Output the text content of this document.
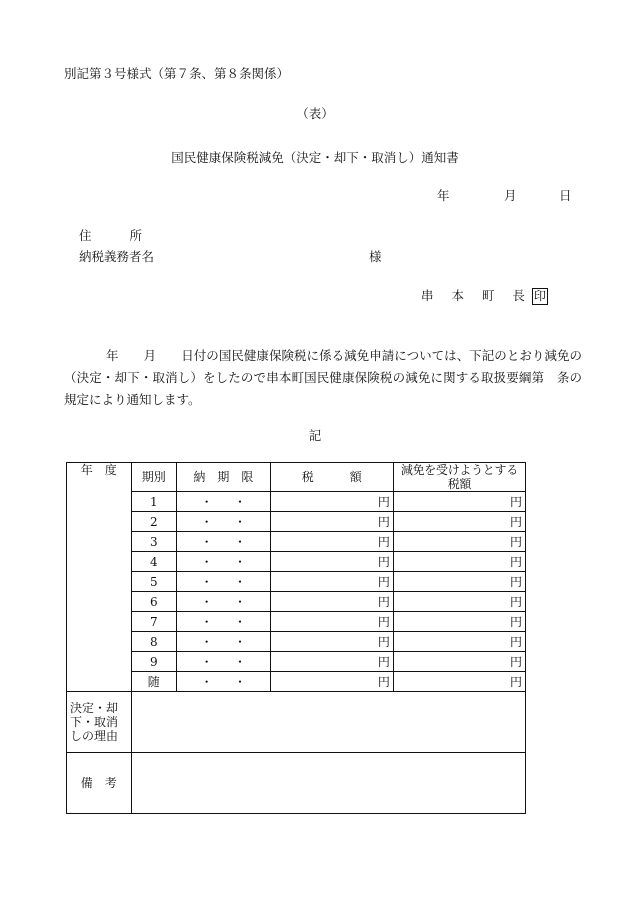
別記第３号様式（第７条、第８条関係）
（表）
国民健康保険税減免（決定・却下・取消し）通知書
年	月	日
住	所
納税義務者名	様
串 本 町 長 印
年　　月　　日付の国民健康保険税に係る減免申請については、下記のとおり減免の（決定・却下・取消し）をしたので串本町国民健康保険税の減免に関する取扱要綱第　条の規定により通知します。
記
年　度	期別	納　期　限	税　　　額	減免を受けようとする税額
	1	・ ・	円	円
	2	・ ・	円	円
	3	・ ・	円	円
	4	・ ・	円	円
	5	・ ・	円	円
	6	・ ・	円	円
	7	・ ・	円	円
	8	・ ・	円	円
	9	・ ・	円	円
	随	・ ・	円	円

決定・却
下・取消
しの理由				

備　考				
